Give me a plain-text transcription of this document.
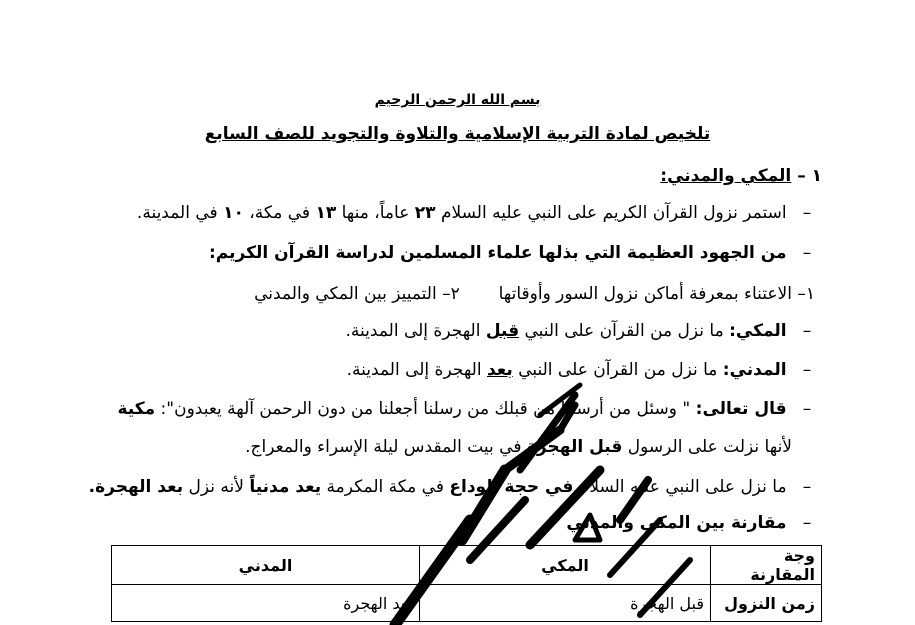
بسم الله الرحمن الرحيم
تلخيص لمادة التربية الإسلامية والتلاوة والتجويد للصف السابع
١ – المكي والمدني:
– استمر نزول القرآن الكريم على النبي عليه السلام ٢٣ عاماً، منها ١٣ في مكة، ١٠ في المدينة.
– من الجهود العظيمة التي بذلها علماء المسلمين لدراسة القرآن الكريم:
١– الاعتناء بمعرفة أماكن نزول السور وأوقاتها  ٢– التمييز بين المكي والمدني
– المكي: ما نزل من القرآن على النبي قبل الهجرة إلى المدينة.
– المدني: ما نزل من القرآن على النبي بعد الهجرة إلى المدينة.
– قال تعالى: " وسئل من أرسلنا من قبلك من رسلنا أجعلنا من دون الرحمن آلهة يعبدون": مكية
لأنها نزلت على الرسول قبل الهجرة في بيت المقدس ليلة الإسراء والمعراج.
– ما نزل على النبي عليه السلام في حجة الوداع في مكة المكرمة يعد مدنياً لأنه نزل بعد الهجرة.
– مقارنة بين المكي والمدني
وجة المقارنة	المكي	المدني
زمن النزول	قبل الهجرة	بعد الهجرة
